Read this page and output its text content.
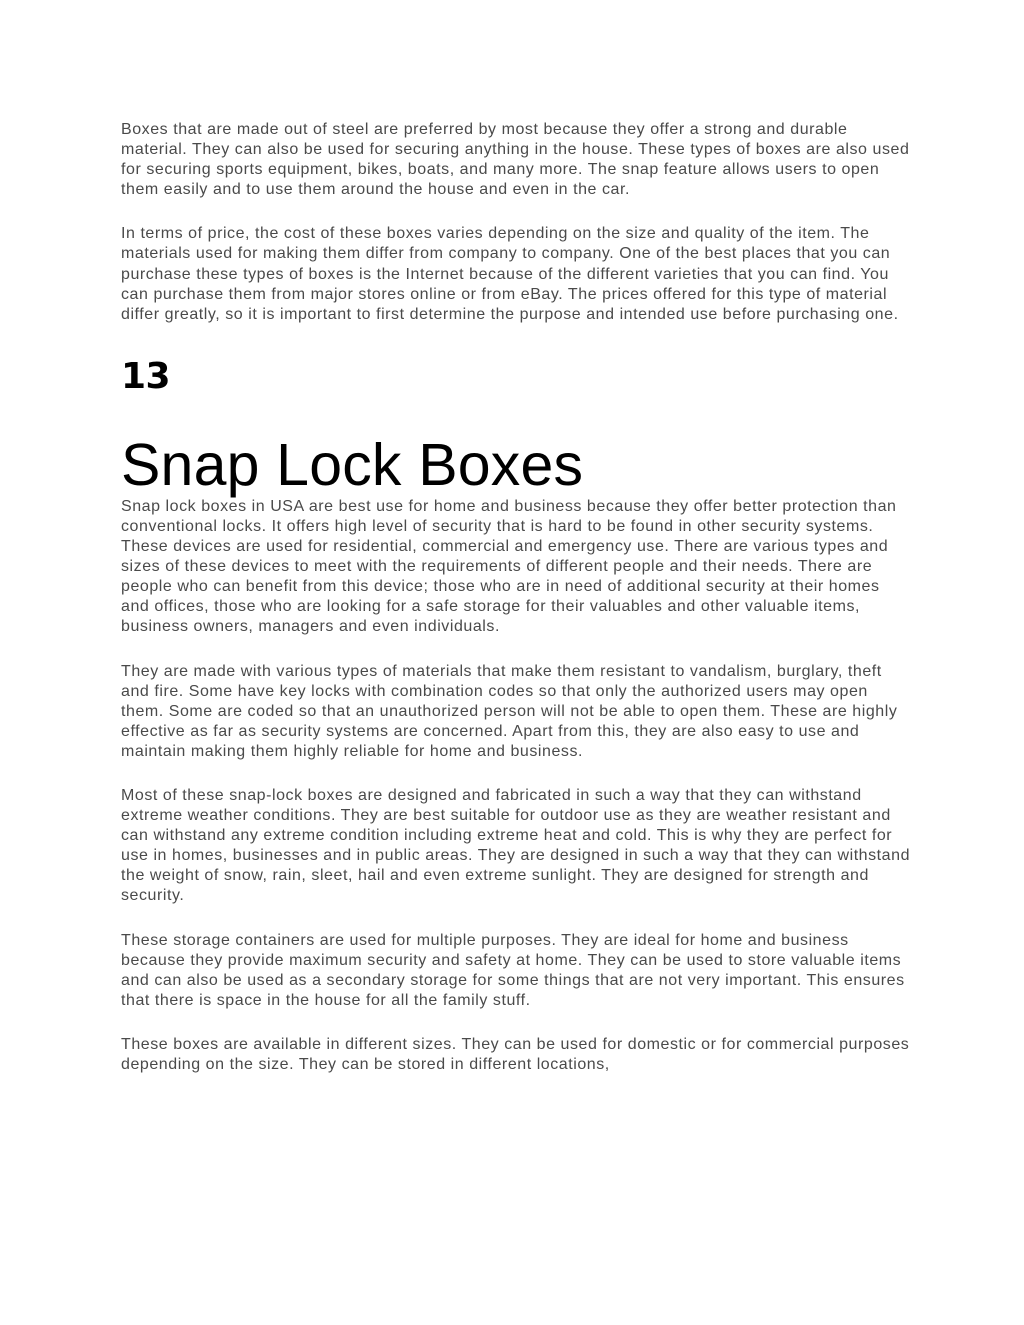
Boxes that are made out of steel are preferred by most because they offer a strong and durable material. They can also be used for securing anything in the house. These types of boxes are also used for securing sports equipment, bikes, boats, and many more. The snap feature allows users to open them easily and to use them around the house and even in the car.

In terms of price, the cost of these boxes varies depending on the size and quality of the item. The materials used for making them differ from company to company. One of the best places that you can purchase these types of boxes is the Internet because of the different varieties that you can find. You can purchase them from major stores online or from eBay. The prices offered for this type of material differ greatly, so it is important to first determine the purpose and intended use before purchasing one.

13
Snap Lock Boxes

Snap lock boxes in USA are best use for home and business because they offer better protection than conventional locks. It offers high level of security that is hard to be found in other security systems. These devices are used for residential, commercial and emergency use. There are various types and sizes of these devices to meet with the requirements of different people and their needs. There are people who can benefit from this device; those who are in need of additional security at their homes and offices, those who are looking for a safe storage for their valuables and other valuable items, business owners, managers and even individuals.

They are made with various types of materials that make them resistant to vandalism, burglary, theft and fire. Some have key locks with combination codes so that only the authorized users may open them. Some are coded so that an unauthorized person will not be able to open them. These are highly effective as far as security systems are concerned. Apart from this, they are also easy to use and maintain making them highly reliable for home and business.

Most of these snap-lock boxes are designed and fabricated in such a way that they can withstand extreme weather conditions. They are best suitable for outdoor use as they are weather resistant and can withstand any extreme condition including extreme heat and cold. This is why they are perfect for use in homes, businesses and in public areas. They are designed in such a way that they can withstand the weight of snow, rain, sleet, hail and even extreme sunlight. They are designed for strength and security.

These storage containers are used for multiple purposes. They are ideal for home and business because they provide maximum security and safety at home. They can be used to store valuable items and can also be used as a secondary storage for some things that are not very important. This ensures that there is space in the house for all the family stuff.

These boxes are available in different sizes. They can be used for domestic or for commercial purposes depending on the size. They can be stored in different locations,
